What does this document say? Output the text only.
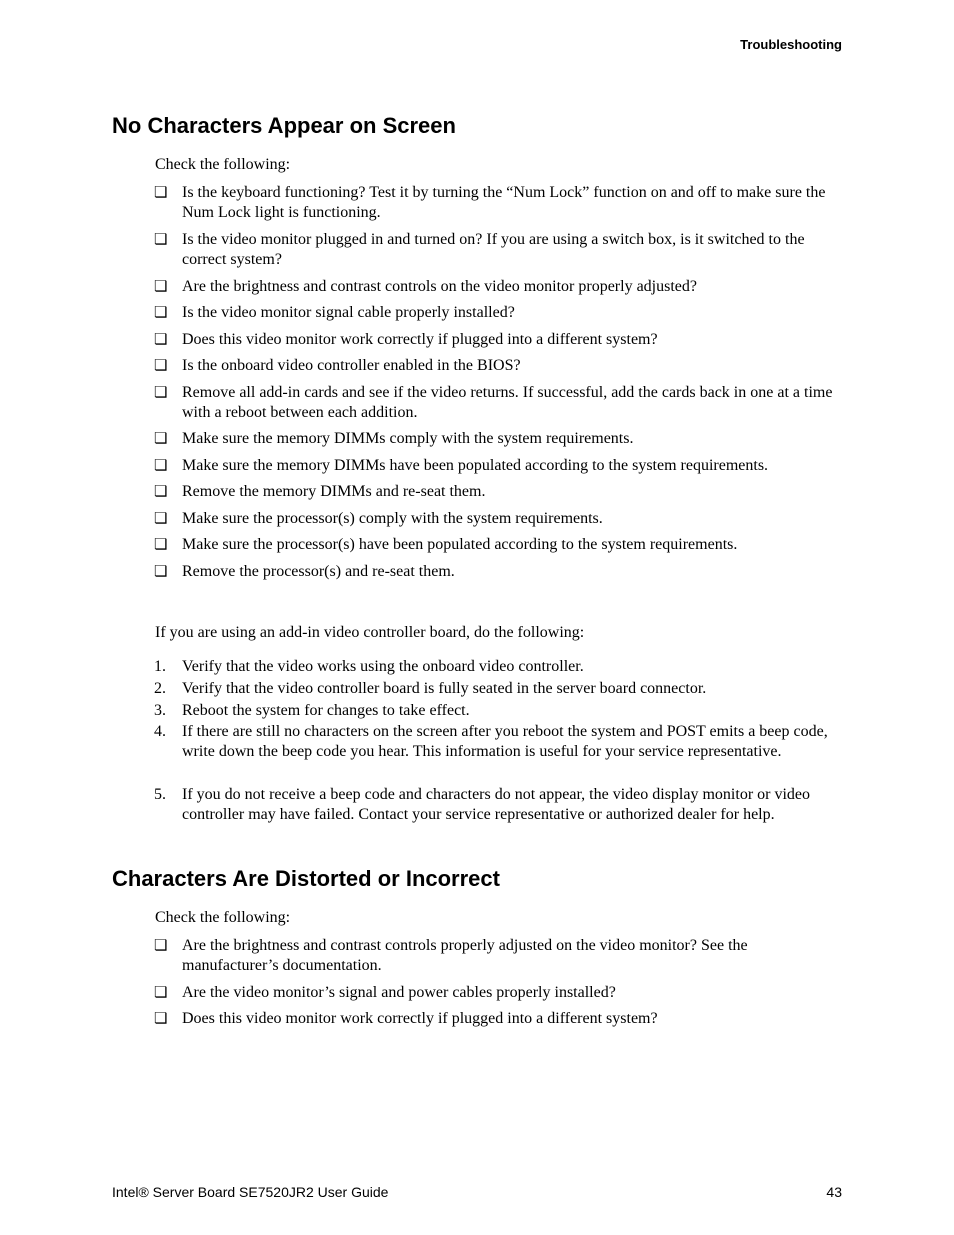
Troubleshooting
No Characters Appear on Screen

Check the following:

❏ Is the keyboard functioning? Test it by turning the “Num Lock” function on and off to make sure the Num Lock light is functioning.
❏ Is the video monitor plugged in and turned on? If you are using a switch box, is it switched to the correct system?
❏ Are the brightness and contrast controls on the video monitor properly adjusted?
❏ Is the video monitor signal cable properly installed?
❏ Does this video monitor work correctly if plugged into a different system?
❏ Is the onboard video controller enabled in the BIOS?
❏ Remove all add-in cards and see if the video returns. If successful, add the cards back in one at a time with a reboot between each addition.
❏ Make sure the memory DIMMs comply with the system requirements.
❏ Make sure the memory DIMMs have been populated according to the system requirements.
❏ Remove the memory DIMMs and re-seat them.
❏ Make sure the processor(s) comply with the system requirements.
❏ Make sure the processor(s) have been populated according to the system requirements.
❏ Remove the processor(s) and re-seat them.

If you are using an add-in video controller board, do the following:

1. Verify that the video works using the onboard video controller.
2. Verify that the video controller board is fully seated in the server board connector.
3. Reboot the system for changes to take effect.
4. If there are still no characters on the screen after you reboot the system and POST emits a beep code, write down the beep code you hear. This information is useful for your service representative.
5. If you do not receive a beep code and characters do not appear, the video display monitor or video controller may have failed. Contact your service representative or authorized dealer for help.
Characters Are Distorted or Incorrect

Check the following:

❏ Are the brightness and contrast controls properly adjusted on the video monitor? See the manufacturer’s documentation.
❏ Are the video monitor’s signal and power cables properly installed?
❏ Does this video monitor work correctly if plugged into a different system?
Intel® Server Board SE7520JR2 User Guide	43
